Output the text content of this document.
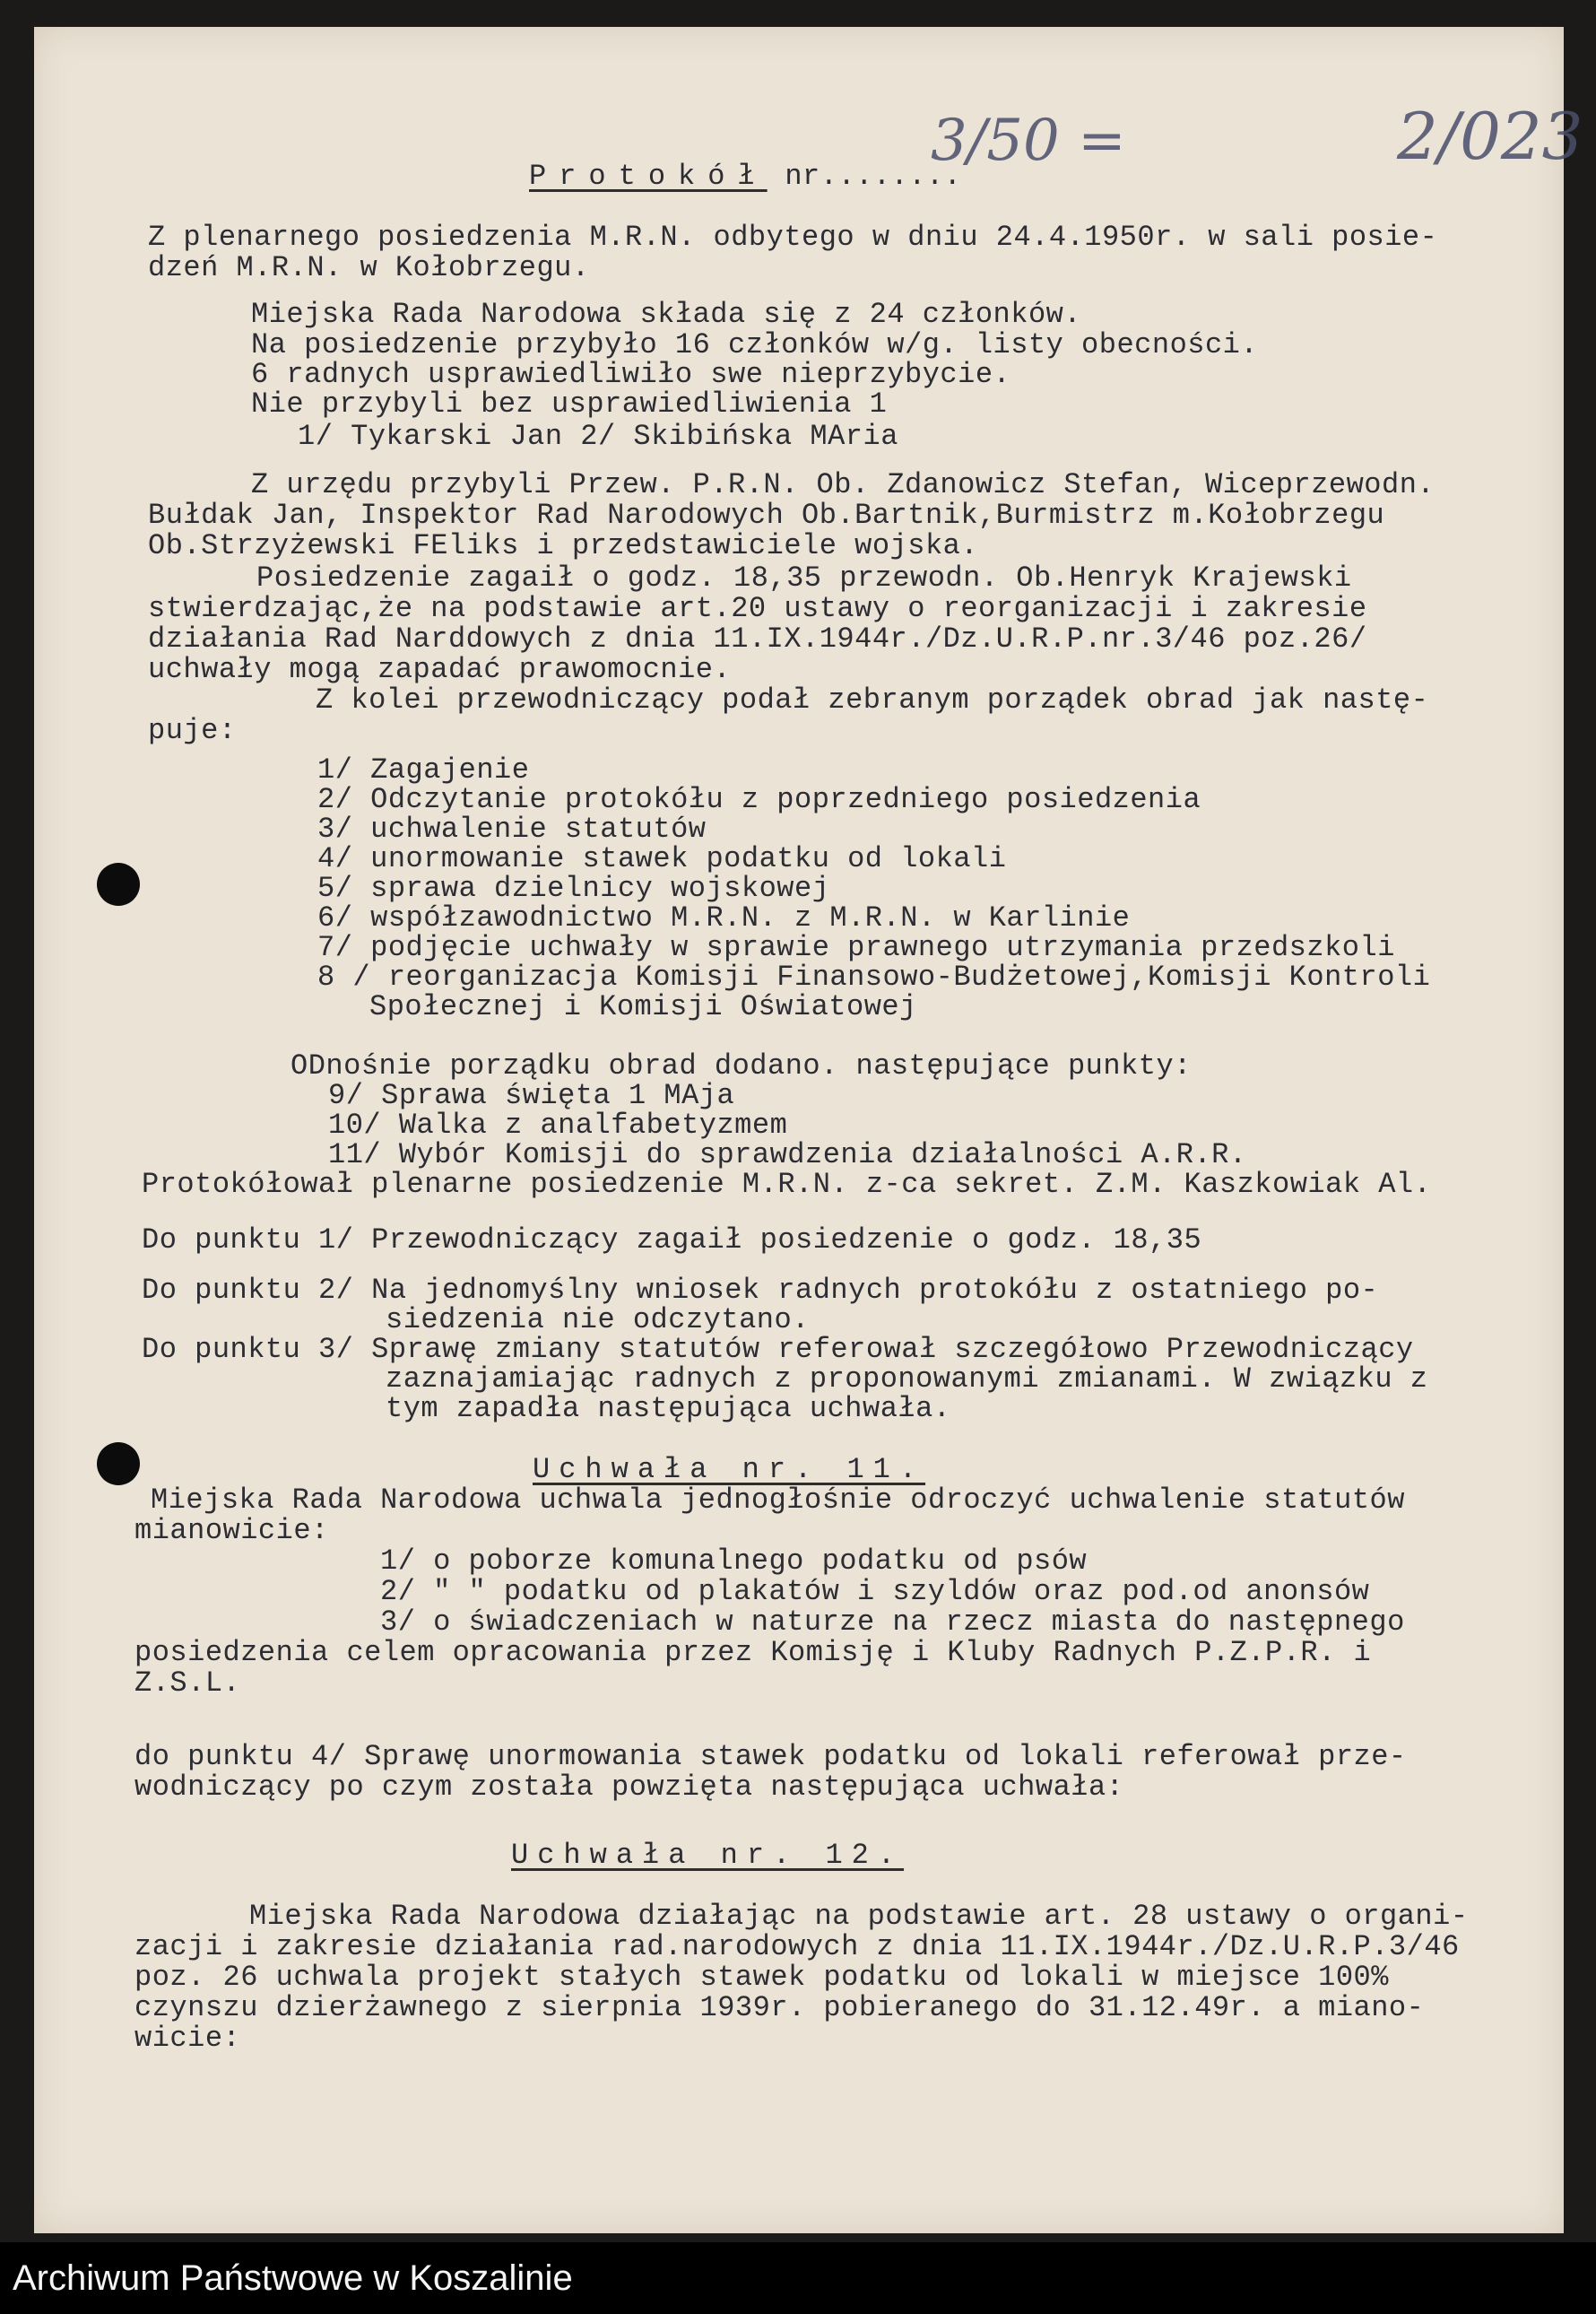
3/50 =	2/023
Protokół nr........
Z plenarnego posiedzenia M.R.N. odbytego w dniu 24.4.1950r. w sali posie-
dzeń M.R.N. w Kołobrzegu.
Miejska Rada Narodowa składa się z 24 członków.
Na posiedzenie przybyło 16 członków w/g. listy obecności.
6 radnych usprawiedliwiło swe nieprzybycie.
Nie przybyli bez usprawiedliwienia 1
1/ Tykarski Jan 2/ Skibińska MAria
Z urzędu przybyli Przew. P.R.N. Ob. Zdanowicz Stefan, Wiceprzewodn.
Bułdak Jan, Inspektor Rad Narodowych Ob.Bartnik,Burmistrz m.Kołobrzegu
Ob.Strzyżewski FEliks i przedstawiciele wojska.
Posiedzenie zagaił o godz. 18,35 przewodn. Ob.Henryk Krajewski
stwierdzając,że na podstawie art.20 ustawy o reorganizacji i zakresie
działania Rad Narddowych z dnia 11.IX.1944r./Dz.U.R.P.nr.3/46 poz.26/
uchwały mogą zapadać prawomocnie.
Z kolei przewodniczący podał zebranym porządek obrad jak nastę-
puje:
1/ Zagajenie
2/ Odczytanie protokółu z poprzedniego posiedzenia
3/ uchwalenie statutów
4/ unormowanie stawek podatku od lokali
5/ sprawa dzielnicy wojskowej
6/ współzawodnictwo M.R.N. z M.R.N. w Karlinie
7/ podjęcie uchwały w sprawie prawnego utrzymania przedszkoli
8 / reorganizacja Komisji Finansowo-Budżetowej,Komisji Kontroli
Społecznej i Komisji Oświatowej
ODnośnie porządku obrad dodano. następujące punkty:
9/ Sprawa święta 1 MAja
10/ Walka z analfabetyzmem
11/ Wybór Komisji do sprawdzenia działalności A.R.R.
Protokółował plenarne posiedzenie M.R.N. z-ca sekret. Z.M. Kaszkowiak Al.
Do punktu 1/ Przewodniczący zagaił posiedzenie o godz. 18,35
Do punktu 2/ Na jednomyślny wniosek radnych protokółu z ostatniego po-
siedzenia nie odczytano.
Do punktu 3/ Sprawę zmiany statutów referował szczegółowo Przewodniczący
zaznajamiając radnych z proponowanymi zmianami. W związku z
tym zapadła następująca uchwała.
Uchwała nr. 11.
Miejska Rada Narodowa uchwala jednogłośnie odroczyć uchwalenie statutów
mianowicie:
1/ o poborze komunalnego podatku od psów
2/ " " podatku od plakatów i szyldów oraz pod.od anonsów
3/ o świadczeniach w naturze na rzecz miasta do następnego
posiedzenia celem opracowania przez Komisję i Kluby Radnych P.Z.P.R. i
Z.S.L.
do punktu 4/ Sprawę unormowania stawek podatku od lokali referował prze-
wodniczący po czym została powzięta następująca uchwała:
Uchwała nr. 12.
Miejska Rada Narodowa działając na podstawie art. 28 ustawy o organi-
zacji i zakresie działania rad.narodowych z dnia 11.IX.1944r./Dz.U.R.P.3/46
poz. 26 uchwala projekt stałych stawek podatku od lokali w miejsce 100%
czynszu dzierżawnego z sierpnia 1939r. pobieranego do 31.12.49r. a miano-
wicie:
Archiwum Państwowe w Koszalinie
